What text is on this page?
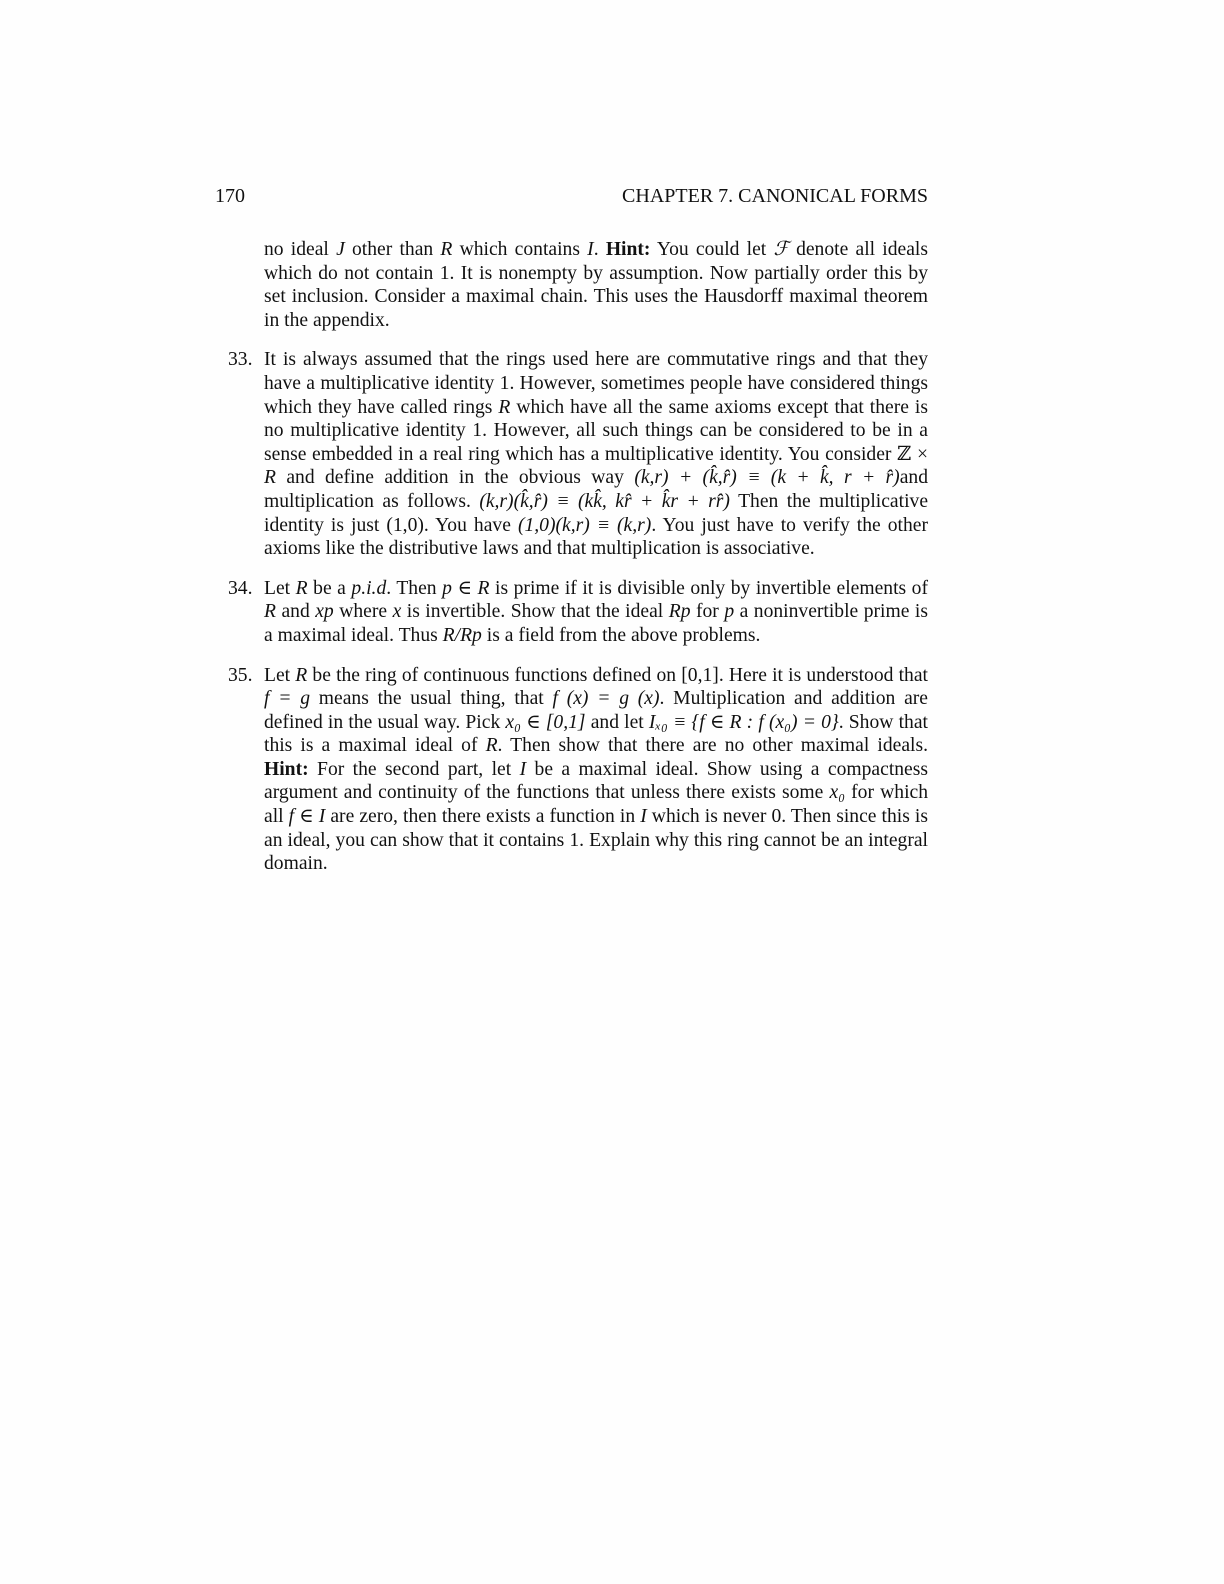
170	CHAPTER 7. CANONICAL FORMS

no ideal J other than R which contains I. Hint: You could let ℱ denote all ideals which do not contain 1. It is nonempty by assumption. Now partially order this by set inclusion. Consider a maximal chain. This uses the Hausdorff maximal theorem in the appendix.

33. It is always assumed that the rings used here are commutative rings and that they have a multiplicative identity 1. However, sometimes people have considered things which they have called rings R which have all the same axioms except that there is no multiplicative identity 1. However, all such things can be considered to be in a sense embedded in a real ring which has a multiplicative identity. You consider ℤ × R and define addition in the obvious way (k,r) + (k̂,r̂) ≡ (k + k̂, r + r̂)and multiplication as follows. (k,r)(k̂,r̂) ≡ (kk̂, kr̂ + k̂r + rr̂) Then the multiplicative identity is just (1,0). You have (1,0)(k,r) ≡ (k,r). You just have to verify the other axioms like the distributive laws and that multiplication is associative.
34. Let R be a p.i.d. Then p ∈ R is prime if it is divisible only by invertible elements of R and xp where x is invertible. Show that the ideal Rp for p a noninvertible prime is a maximal ideal. Thus R/Rp is a field from the above problems.
35. Let R be the ring of continuous functions defined on [0,1]. Here it is understood that f = g means the usual thing, that f (x) = g (x). Multiplication and addition are defined in the usual way. Pick x₀ ∈ [0,1] and let Iₓ₀ ≡ {f ∈ R : f (x₀) = 0}. Show that this is a maximal ideal of R. Then show that there are no other maximal ideals. Hint: For the second part, let I be a maximal ideal. Show using a compactness argument and continuity of the functions that unless there exists some x₀ for which all f ∈ I are zero, then there exists a function in I which is never 0. Then since this is an ideal, you can show that it contains 1. Explain why this ring cannot be an integral domain.
